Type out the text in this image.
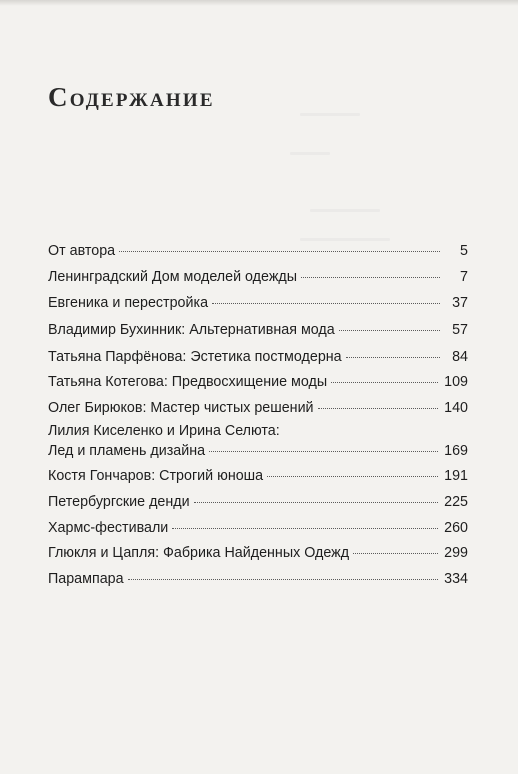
Содержание
От автора	5
Ленинградский Дом моделей одежды	7
Евгеника и перестройка	37
Владимир Бухинник: Альтернативная мода	57
Татьяна Парфёнова: Эстетика постмодерна	84
Татьяна Котегова: Предвосхищение моды	109
Олег Бирюков: Мастер чистых решений	140
Лилия Киселенко и Ирина Селюта:
Лед и пламень дизайна	169
Костя Гончаров: Строгий юноша	191
Петербургские денди	225
Хармс-фестивали	260
Глюкля и Цапля: Фабрика Найденных Одежд	299
Парампара	334
